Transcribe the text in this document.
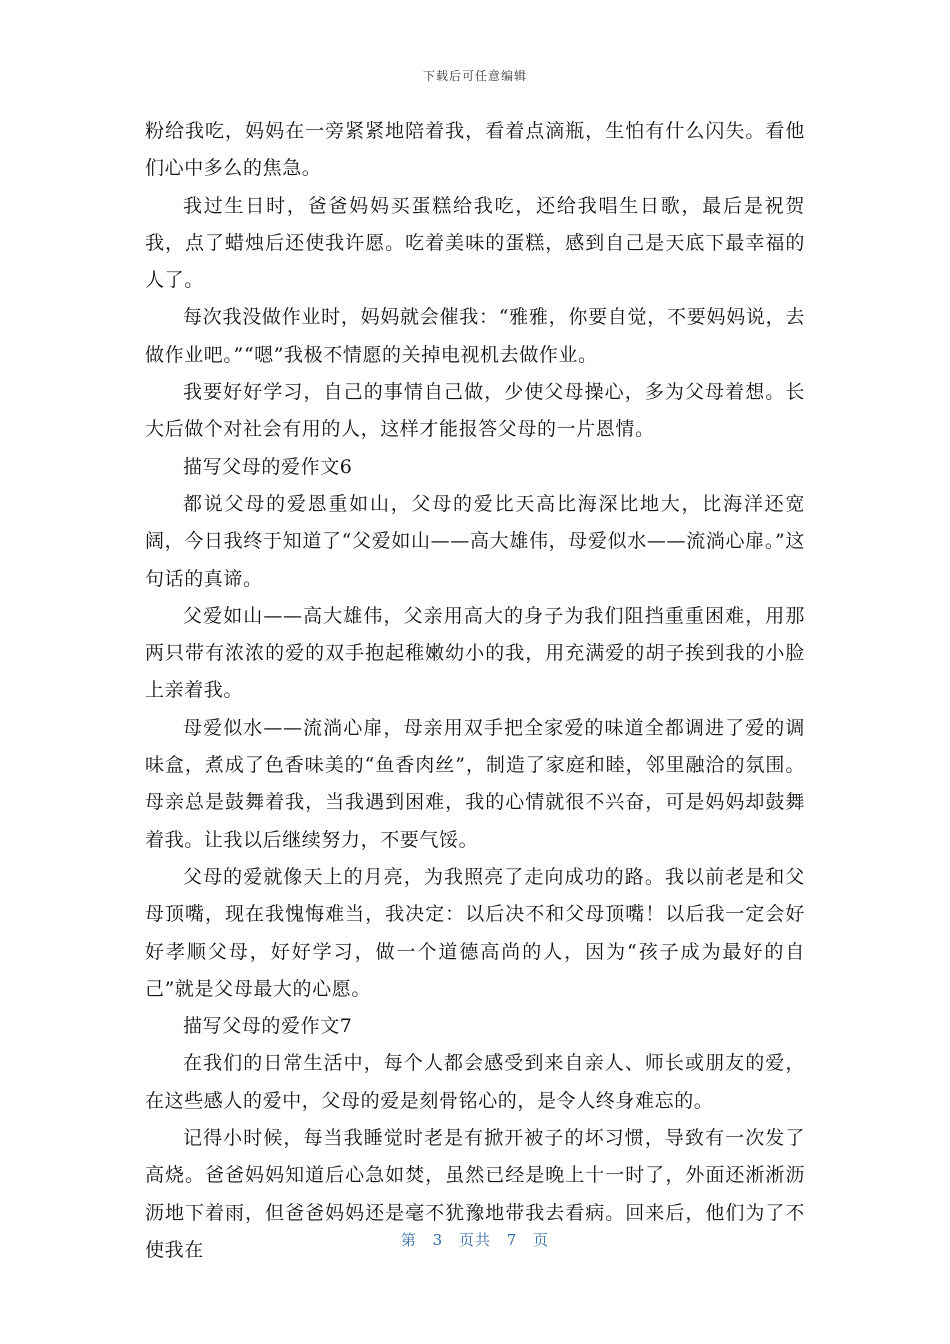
下载后可任意编辑

粉给我吃，妈妈在一旁紧紧地陪着我，看着点滴瓶，生怕有什么闪失。看他们心中多么的焦急。

我过生日时，爸爸妈妈买蛋糕给我吃，还给我唱生日歌，最后是祝贺我，点了蜡烛后还使我许愿。吃着美味的蛋糕，感到自己是天底下最幸福的人了。

每次我没做作业时，妈妈就会催我：“雅雅，你要自觉，不要妈妈说，去做作业吧。”“嗯”我极不情愿的关掉电视机去做作业。

我要好好学习，自己的事情自己做，少使父母操心，多为父母着想。长大后做个对社会有用的人，这样才能报答父母的一片恩情。

描写父母的爱作文6

都说父母的爱恩重如山，父母的爱比天高比海深比地大，比海洋还宽阔，今日我终于知道了“父爱如山——高大雄伟，母爱似水——流淌心扉。”这句话的真谛。

父爱如山——高大雄伟，父亲用高大的身子为我们阻挡重重困难，用那两只带有浓浓的爱的双手抱起稚嫩幼小的我，用充满爱的胡子挨到我的小脸上亲着我。

母爱似水——流淌心扉，母亲用双手把全家爱的味道全都调进了爱的调味盒，煮成了色香味美的“鱼香肉丝”，制造了家庭和睦，邻里融洽的氛围。母亲总是鼓舞着我，当我遇到困难，我的心情就很不兴奋，可是妈妈却鼓舞着我。让我以后继续努力，不要气馁。

父母的爱就像天上的月亮，为我照亮了走向成功的路。我以前老是和父母顶嘴，现在我愧悔难当，我决定：以后决不和父母顶嘴！以后我一定会好好孝顺父母，好好学习，做一个道德高尚的人，因为“孩子成为最好的自己”就是父母最大的心愿。

描写父母的爱作文7

在我们的日常生活中，每个人都会感受到来自亲人、师长或朋友的爱，在这些感人的爱中，父母的爱是刻骨铭心的，是令人终身难忘的。

记得小时候，每当我睡觉时老是有掀开被子的坏习惯，导致有一次发了高烧。爸爸妈妈知道后心急如焚，虽然已经是晚上十一时了，外面还淅淅沥沥地下着雨，但爸爸妈妈还是毫不犹豫地带我去看病。回来后，他们为了不使我在	第 3 页共 7 页
